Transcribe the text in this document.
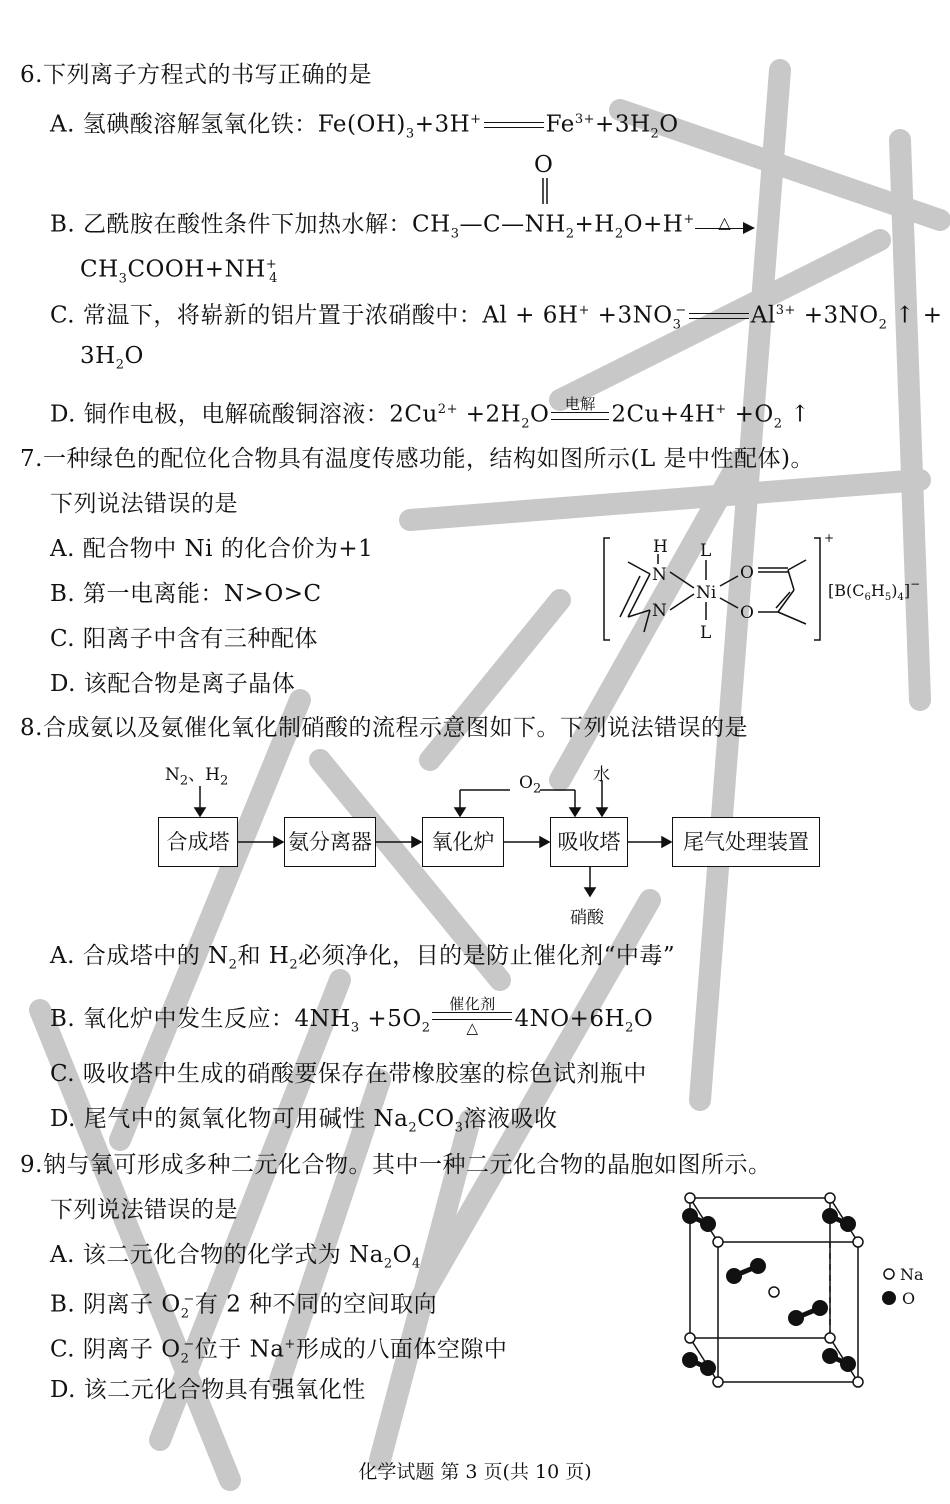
6.下列离子方程式的书写正确的是
A. 氢碘酸溶解氢氧化铁：$Fe(OH)_3+3H^+$	$Fe^{3+}+3H_2O$
O
B. 乙酰胺在酸性条件下加热水解：$CH_3—C—NH_2+H_2O+H^+$	△
$CH_3COOH+NH^+_4$
C. 常温下，将崭新的铝片置于浓硝酸中：$Al + 6H^+ +3NO_3^-$	$Al^{3+} +3NO_2$ ↑ +
$3H_2O$
D. 铜作电极，电解硫酸铜溶液：$2Cu^{2+} +2H_2O$	电解 $2Cu+4H^+ +O_2$ ↑
7.一种绿色的配位化合物具有温度传感功能，结构如图所示(L 是中性配体)。
下列说法错误的是
A. 配合物中 Ni 的化合价为+1
B. 第一电离能：N>O>C
C. 阳离子中含有三种配体
D. 该配合物是离子晶体
H
N
N
Ni
L
L
O
O
+
$[B(C_6H_5)_4]^-$
8.合成氨以及氨催化氧化制硝酸的流程示意图如下。下列说法错误的是
$N_2$、$H_2$	$O_2$
水
硝酸
合成塔	氨分离器	氧化炉	吸收塔	尾气处理装置
A. 合成塔中的 $N_2$和 $H_2$必须净化，目的是防止催化剂“中毒”
B. 氧化炉中发生反应：$4NH_3 +5O_2$
催化剂
△	$4NO+6H_2O$
C. 吸收塔中生成的硝酸要保存在带橡胶塞的棕色试剂瓶中
D. 尾气中的氮氧化物可用碱性 $Na_2CO_3$溶液吸收
9.钠与氧可形成多种二元化合物。其中一种二元化合物的晶胞如图所示。
下列说法错误的是
A. 该二元化合物的化学式为 $Na_2O_4$
B. 阴离子 $O_2^-$有 2 种不同的空间取向
C. 阴离子 $O_2^-$位于 Na+形成的八面体空隙中
D. 该二元化合物具有强氧化性
Na
O
化学试题 第 3 页(共 10 页)
